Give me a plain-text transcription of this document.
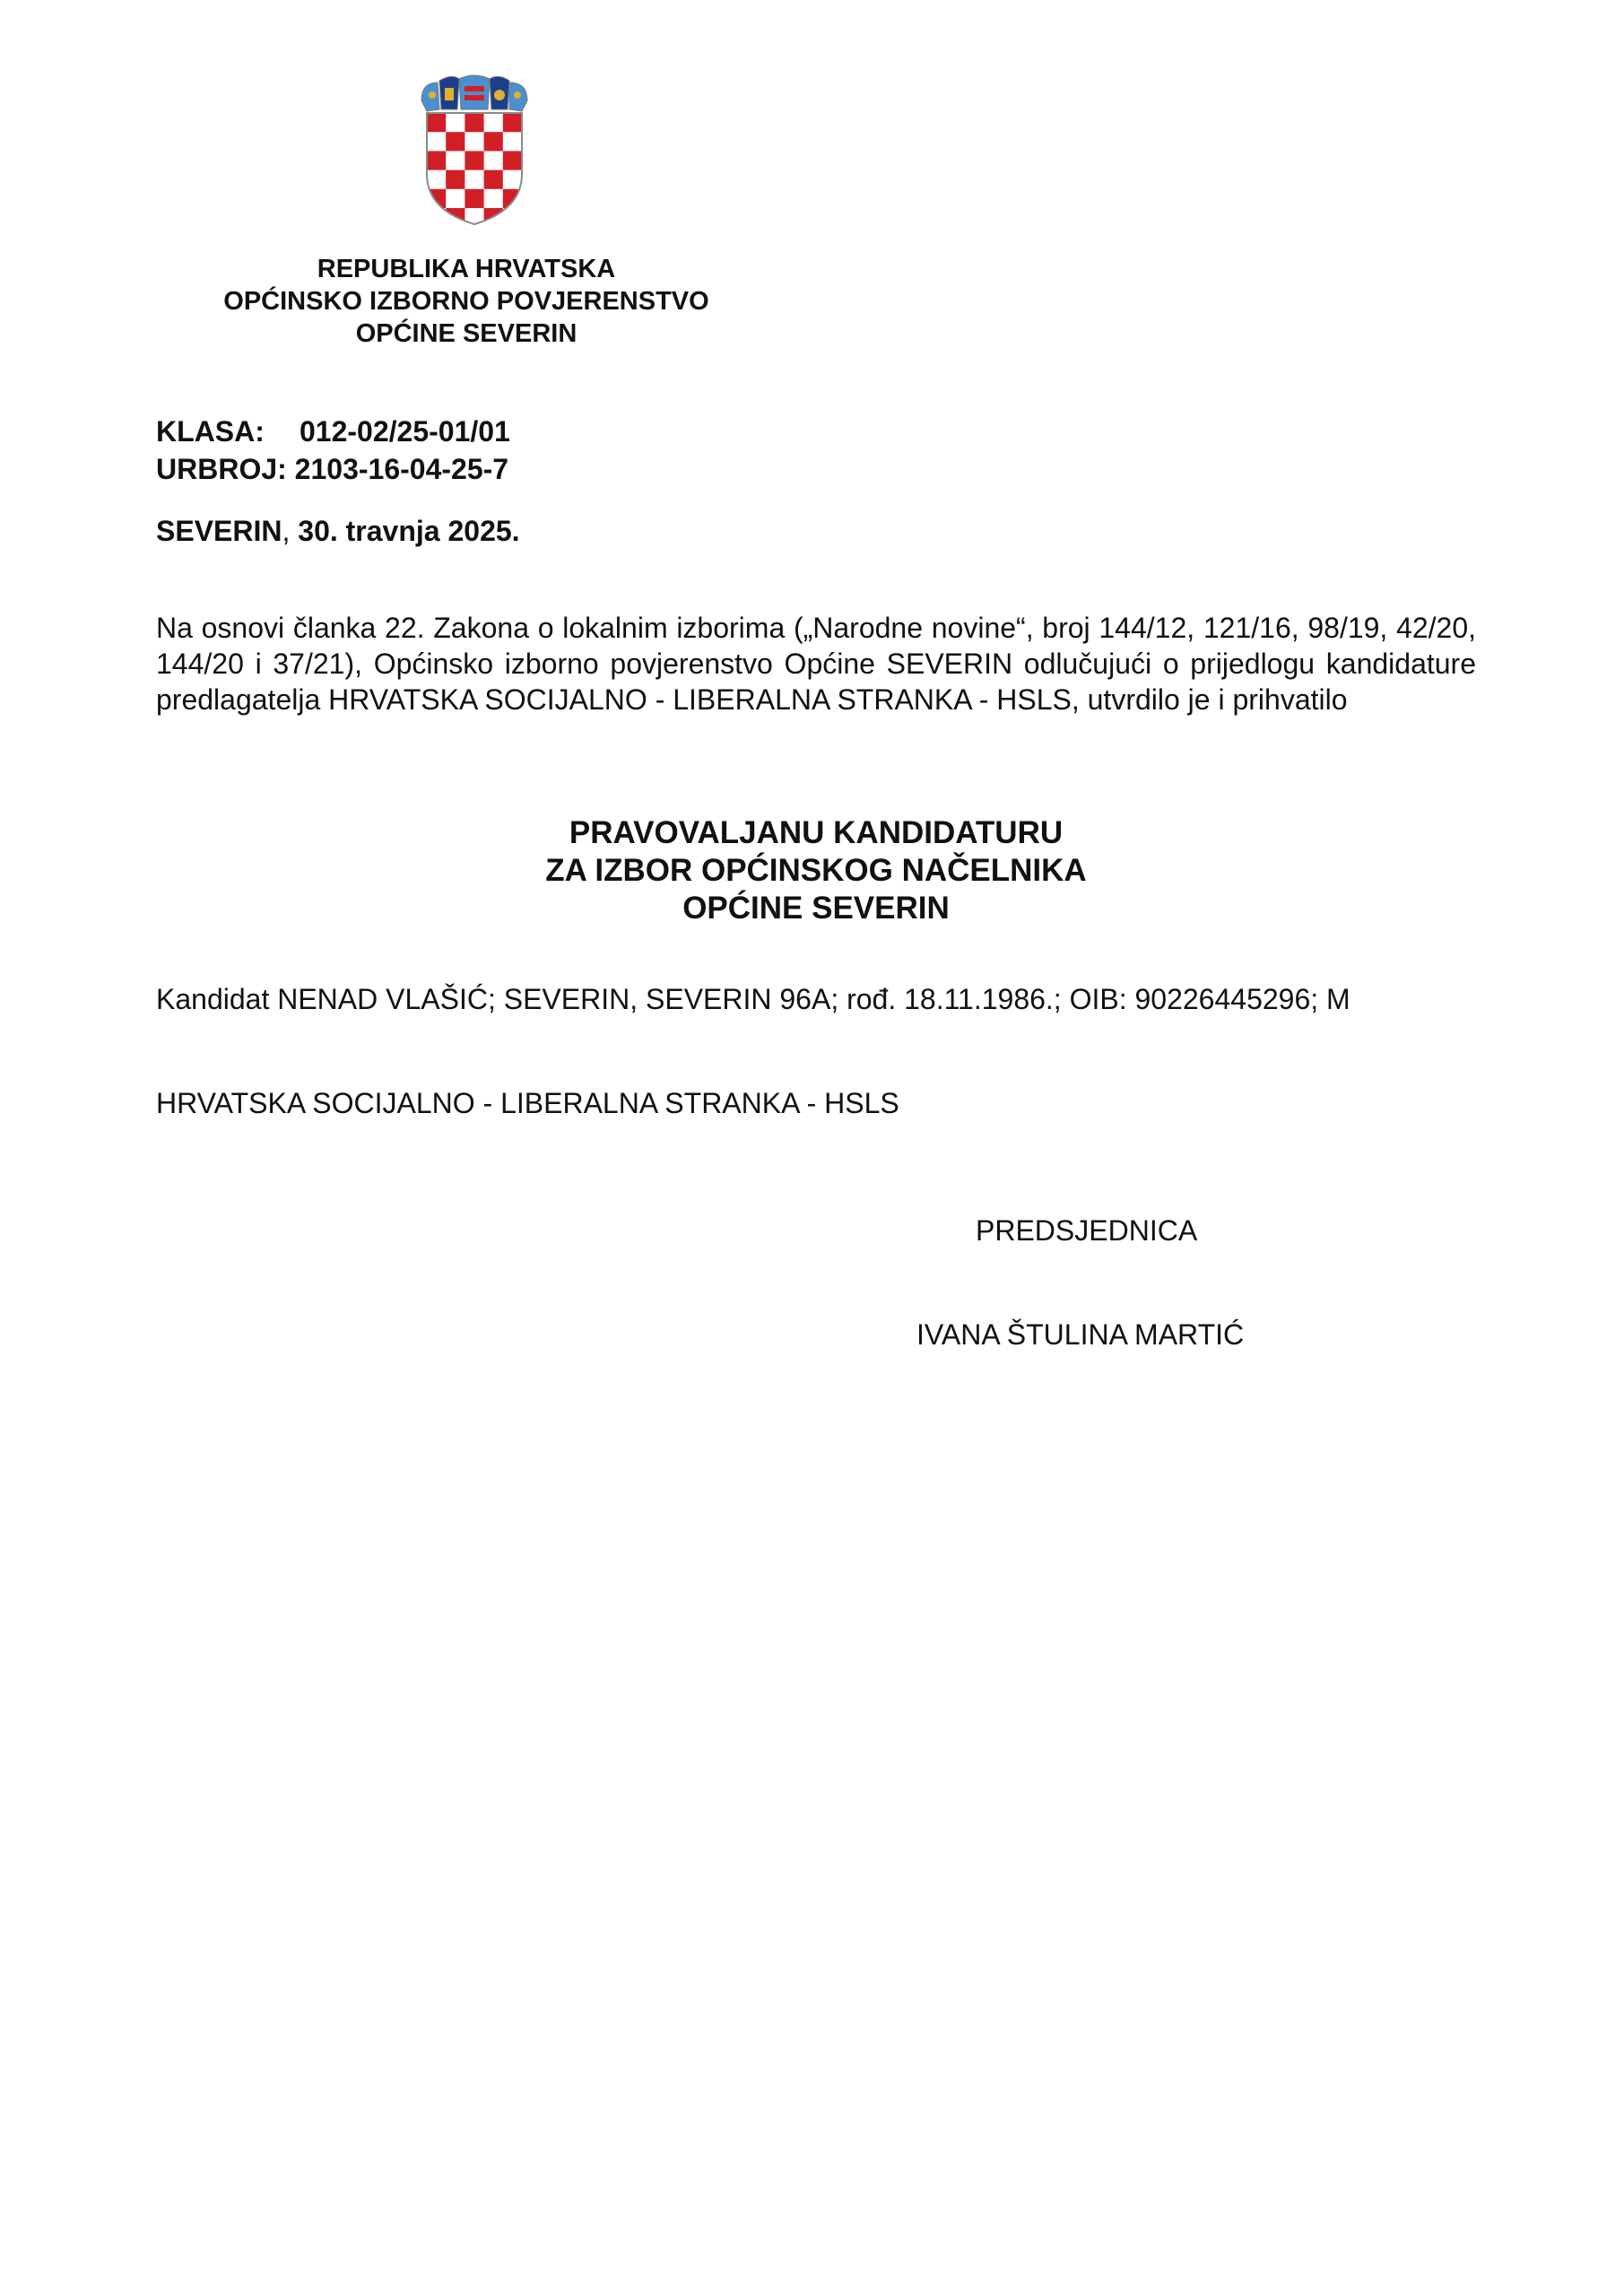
REPUBLIKA HRVATSKA
OPĆINSKO IZBORNO POVJERENSTVO
OPĆINE SEVERIN
KLASA:	012-02/25-01/01
URBROJ:
2103-16-04-25-7
SEVERIN, 30. travnja 2025.
Na osnovi članka 22. Zakona o lokalnim izborima („Narodne novine“, broj 144/12, 121/16, 98/19, 42/20, 144/20 i 37/21), Općinsko izborno povjerenstvo Općine SEVERIN odlučujući o prijedlogu kandidature predlagatelja HRVATSKA SOCIJALNO - LIBERALNA STRANKA - HSLS, utvrdilo je i prihvatilo
PRAVOVALJANU KANDIDATURU
ZA IZBOR OPĆINSKOG NAČELNIKA
OPĆINE SEVERIN
Kandidat NENAD VLAŠIĆ; SEVERIN, SEVERIN 96A; rođ. 18.11.1986.; OIB: 90226445296; M
HRVATSKA SOCIJALNO - LIBERALNA STRANKA - HSLS
PREDSJEDNICA
IVANA ŠTULINA MARTIĆ
